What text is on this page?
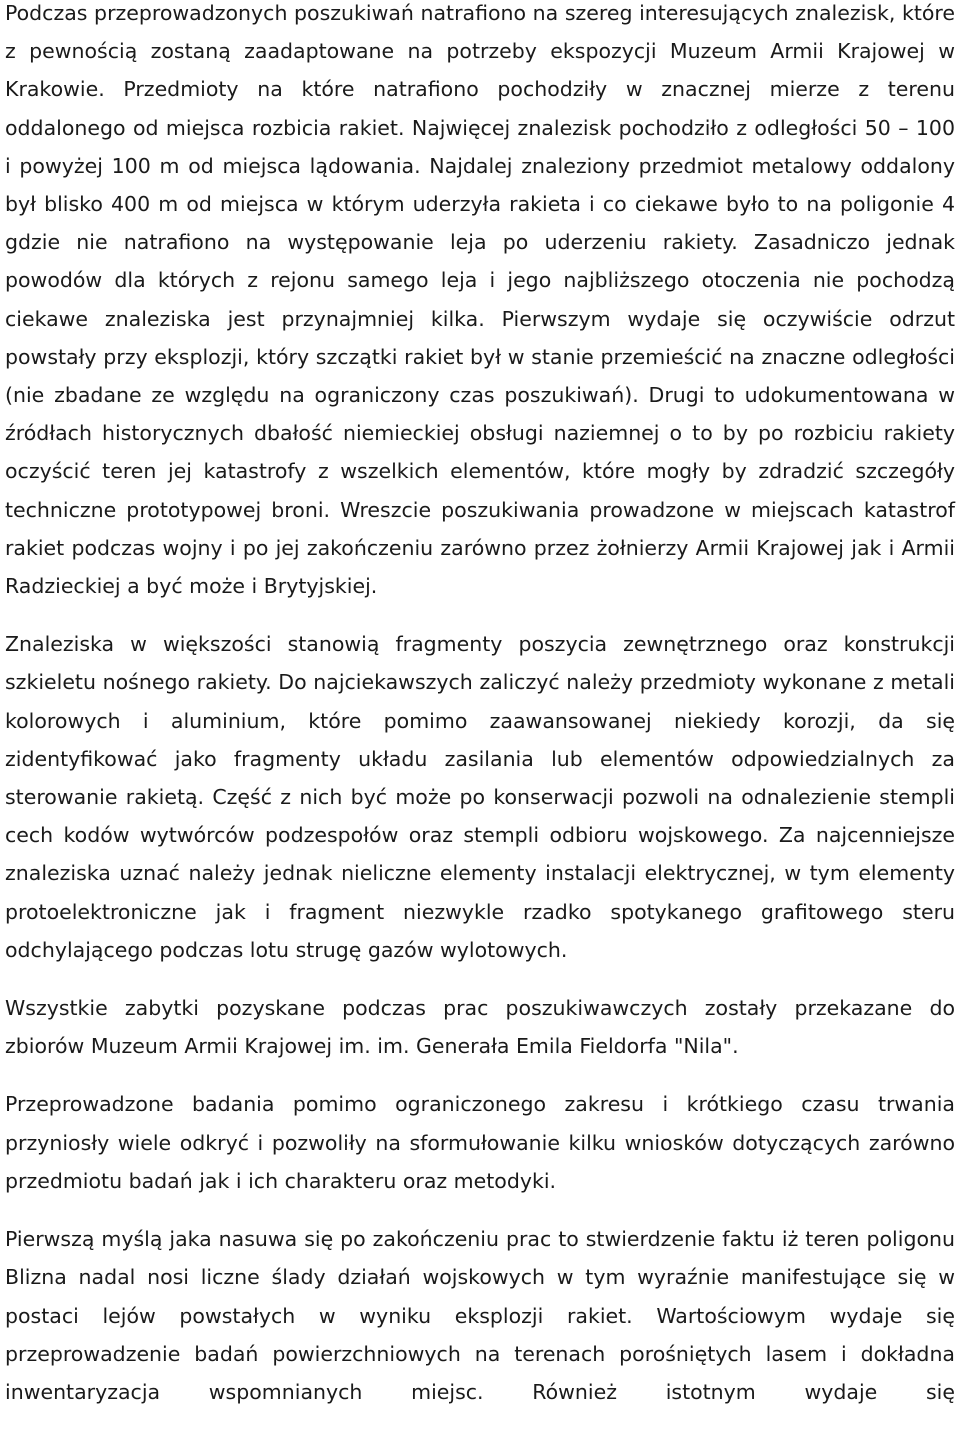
Podczas przeprowadzonych poszukiwań natrafiono na szereg interesujących znalezisk, które z pewnością zostaną zaadaptowane na potrzeby ekspozycji Muzeum Armii Krajowej w Krakowie. Przedmioty na które natrafiono pochodziły w znacznej mierze z terenu oddalonego od miejsca rozbicia rakiet. Najwięcej znalezisk pochodziło z odległości 50 – 100 i powyżej 100 m od miejsca lądowania. Najdalej znaleziony przedmiot metalowy oddalony był blisko 400 m od miejsca w którym uderzyła rakieta i co ciekawe było to na poligonie 4 gdzie nie natrafiono na występowanie leja po uderzeniu rakiety. Zasadniczo jednak powodów dla których z rejonu samego leja i jego najbliższego otoczenia nie pochodzą ciekawe znaleziska jest przynajmniej kilka. Pierwszym wydaje się oczywiście odrzut powstały przy eksplozji, który szczątki rakiet był w stanie przemieścić na znaczne odległości (nie zbadane ze względu na ograniczony czas poszukiwań). Drugi to udokumentowana w źródłach historycznych dbałość niemieckiej obsługi naziemnej o to by po rozbiciu rakiety oczyścić teren jej katastrofy z wszelkich elementów, które mogły by zdradzić szczegóły techniczne prototypowej broni. Wreszcie poszukiwania prowadzone w miejscach katastrof rakiet podczas wojny i po jej zakończeniu zarówno przez żołnierzy Armii Krajowej jak i Armii Radzieckiej a być może i Brytyjskiej.

Znaleziska w większości stanowią fragmenty poszycia zewnętrznego oraz konstrukcji szkieletu nośnego rakiety. Do najciekawszych zaliczyć należy przedmioty wykonane z metali kolorowych i aluminium, które pomimo zaawansowanej niekiedy korozji, da się zidentyfikować jako fragmenty układu zasilania lub elementów odpowiedzialnych za sterowanie rakietą. Część z nich być może po konserwacji pozwoli na odnalezienie stempli cech kodów wytwórców podzespołów oraz stempli odbioru wojskowego. Za najcenniejsze znaleziska uznać należy jednak nieliczne elementy instalacji elektrycznej, w tym elementy protoelektroniczne jak i fragment niezwykle rzadko spotykanego grafitowego steru odchylającego podczas lotu strugę gazów wylotowych.

Wszystkie zabytki pozyskane podczas prac poszukiwawczych zostały przekazane do zbiorów Muzeum Armii Krajowej im. im. Generała Emila Fieldorfa "Nila".

Przeprowadzone badania pomimo ograniczonego zakresu i krótkiego czasu trwania przyniosły wiele odkryć i pozwoliły na sformułowanie kilku wniosków dotyczących zarówno przedmiotu badań jak i ich charakteru oraz metodyki.

Pierwszą myślą jaka nasuwa się po zakończeniu prac to stwierdzenie faktu iż teren poligonu Blizna nadal nosi liczne ślady działań wojskowych w tym wyraźnie manifestujące się w postaci lejów powstałych w wyniku eksplozji rakiet. Wartościowym wydaje się przeprowadzenie badań powierzchniowych na terenach porośniętych lasem i dokładna inwentaryzacja wspomnianych miejsc. Również istotnym wydaje się
